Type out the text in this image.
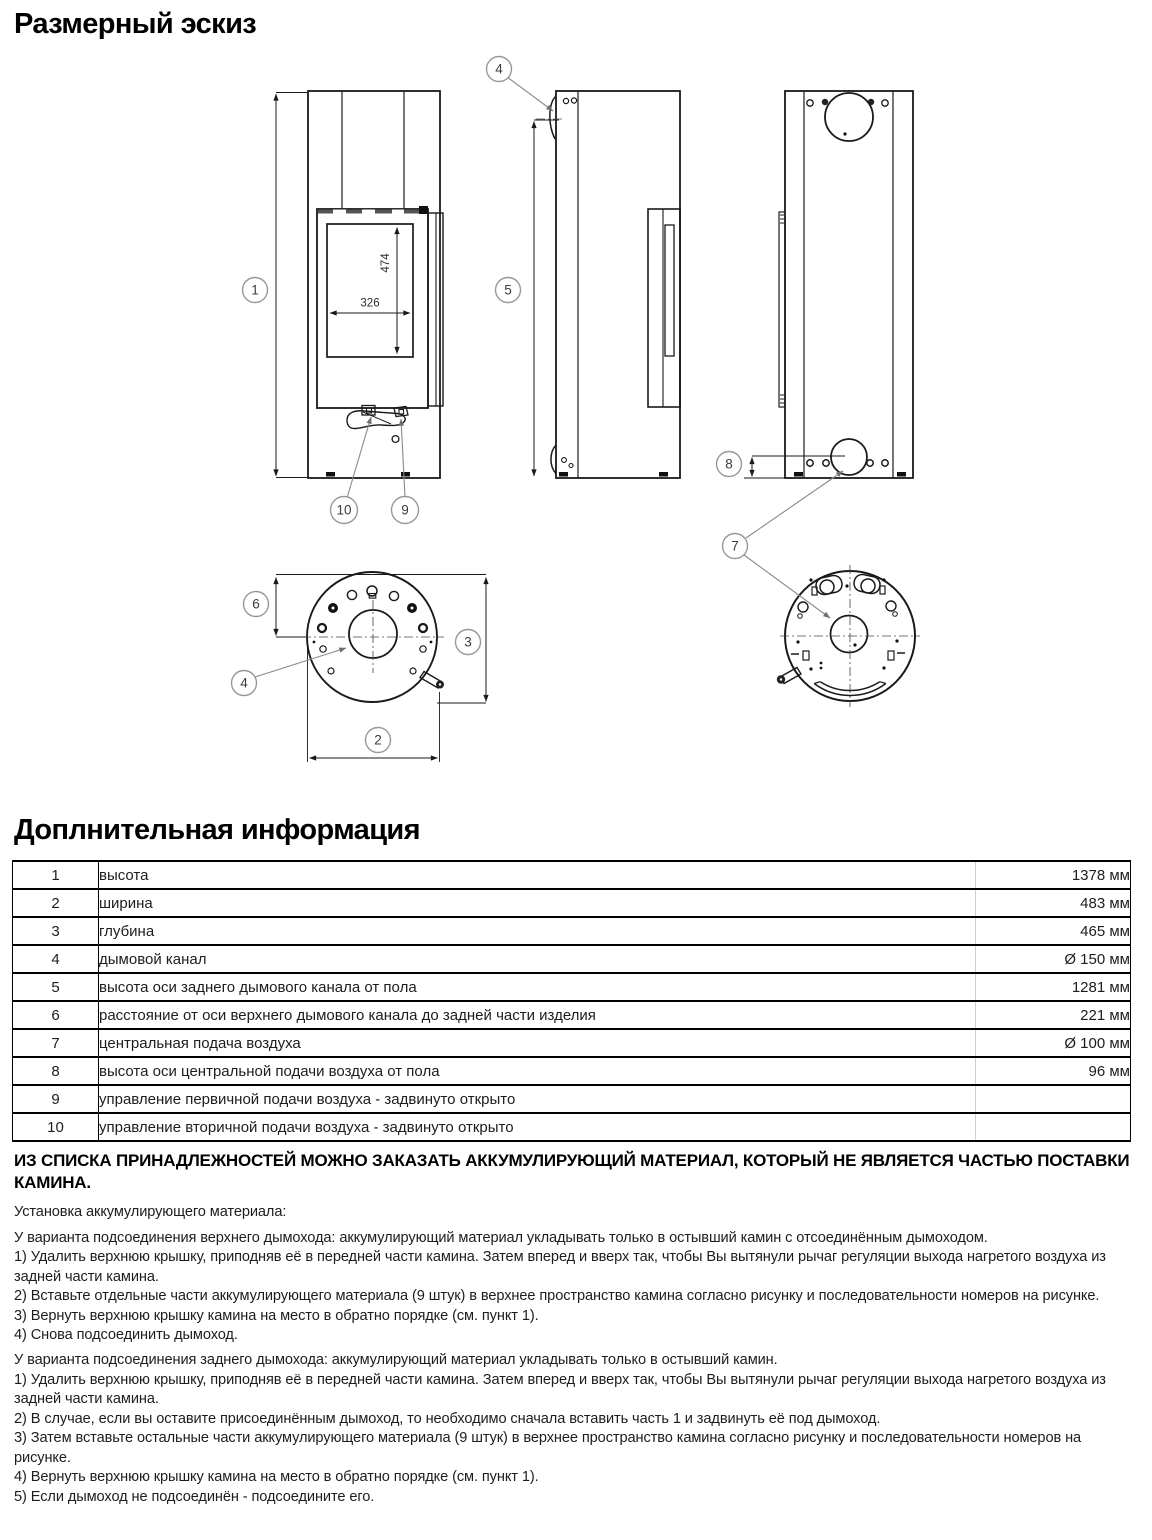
Размерный эскиз
474
326
1
4
5
10	9
8
7
6
3
4
2
Доплнительная информация
1	высота	1378 мм
2	ширина	483 мм
3	глубина	465 мм
4	дымовой канал	Ø 150 мм
5	высота оси заднего дымового канала от пола	1281 мм
6	расстояние от оси верхнего дымового канала до задней части изделия	221 мм
7	центральная подача воздуха	Ø 100 мм
8	высота оси центральной подачи воздуха от пола	96 мм
9	управление первичной подачи воздуха - задвинуто открыто	
10	управление вторичной подачи воздуха - задвинуто открыто	

ИЗ СПИСКА ПРИНАДЛЕЖНОСТЕЙ МОЖНО ЗАКАЗАТЬ АККУМУЛИРУЮЩИЙ МАТЕРИАЛ, КОТОРЫЙ НЕ ЯВЛЯЕТСЯ ЧАСТЬЮ ПОСТАВКИ КАМИНА.

Установка аккумулирующего материала:

У варианта подсоединения верхнего дымохода: аккумулирующий материал укладывать только в остывший камин с отсоединённым дымоходом.

1) Удалить верхнюю крышку, приподняв её в передней части камина. Затем вперед и вверх так, чтобы Вы вытянули рычаг регуляции выхода нагретого воздуха из задней части камина.

2) Вставьте отдельные части аккумулирующего материала (9 штук) в верхнее пространство камина согласно рисунку и последовательности номеров на рисунке.

3) Вернуть верхнюю крышку камина на место в обратно порядке (см. пункт 1).

4) Снова подсоединить дымоход.

У варианта подсоединения заднего дымохода: аккумулирующий материал укладывать только в остывший камин.

1) Удалить верхнюю крышку, приподняв её в передней части камина. Затем вперед и вверх так, чтобы Вы вытянули рычаг регуляции выхода нагретого воздуха из задней части камина.

2) В случае, если вы оставите присоединённым дымоход, то необходимо сначала вставить часть 1 и задвинуть её под дымоход.

3) Затем вставьте остальные части аккумулирующего материала (9 штук) в верхнее пространство камина согласно рисунку и последовательности номеров на рисунке.

4) Вернуть верхнюю крышку камина на место в обратно порядке (см. пункт 1).

5) Если дымоход не подсоединён - подсоедините его.
